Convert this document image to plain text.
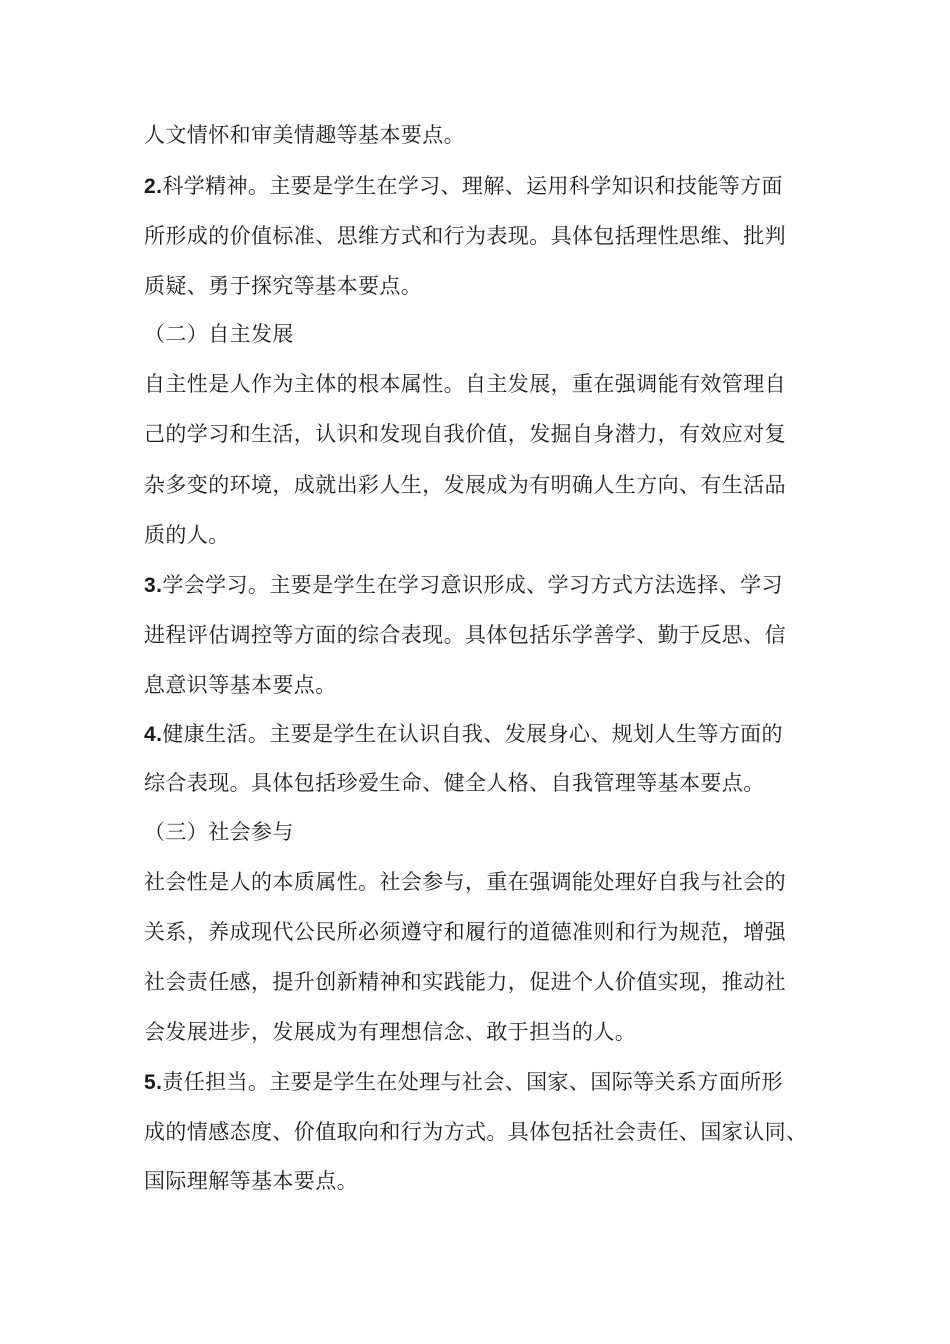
人文情怀和审美情趣等基本要点。
2.科学精神。主要是学生在学习、理解、运用科学知识和技能等方面
所形成的价值标准、思维方式和行为表现。具体包括理性思维、批判
质疑、勇于探究等基本要点。
（二）自主发展
自主性是人作为主体的根本属性。自主发展，重在强调能有效管理自
己的学习和生活，认识和发现自我价值，发掘自身潜力，有效应对复
杂多变的环境，成就出彩人生，发展成为有明确人生方向、有生活品
质的人。
3.学会学习。主要是学生在学习意识形成、学习方式方法选择、学习
进程评估调控等方面的综合表现。具体包括乐学善学、勤于反思、信
息意识等基本要点。
4.健康生活。主要是学生在认识自我、发展身心、规划人生等方面的
综合表现。具体包括珍爱生命、健全人格、自我管理等基本要点。
（三）社会参与
社会性是人的本质属性。社会参与，重在强调能处理好自我与社会的
关系，养成现代公民所必须遵守和履行的道德准则和行为规范，增强
社会责任感，提升创新精神和实践能力，促进个人价值实现，推动社
会发展进步，发展成为有理想信念、敢于担当的人。
5.责任担当。主要是学生在处理与社会、国家、国际等关系方面所形
成的情感态度、价值取向和行为方式。具体包括社会责任、国家认同、
国际理解等基本要点。
